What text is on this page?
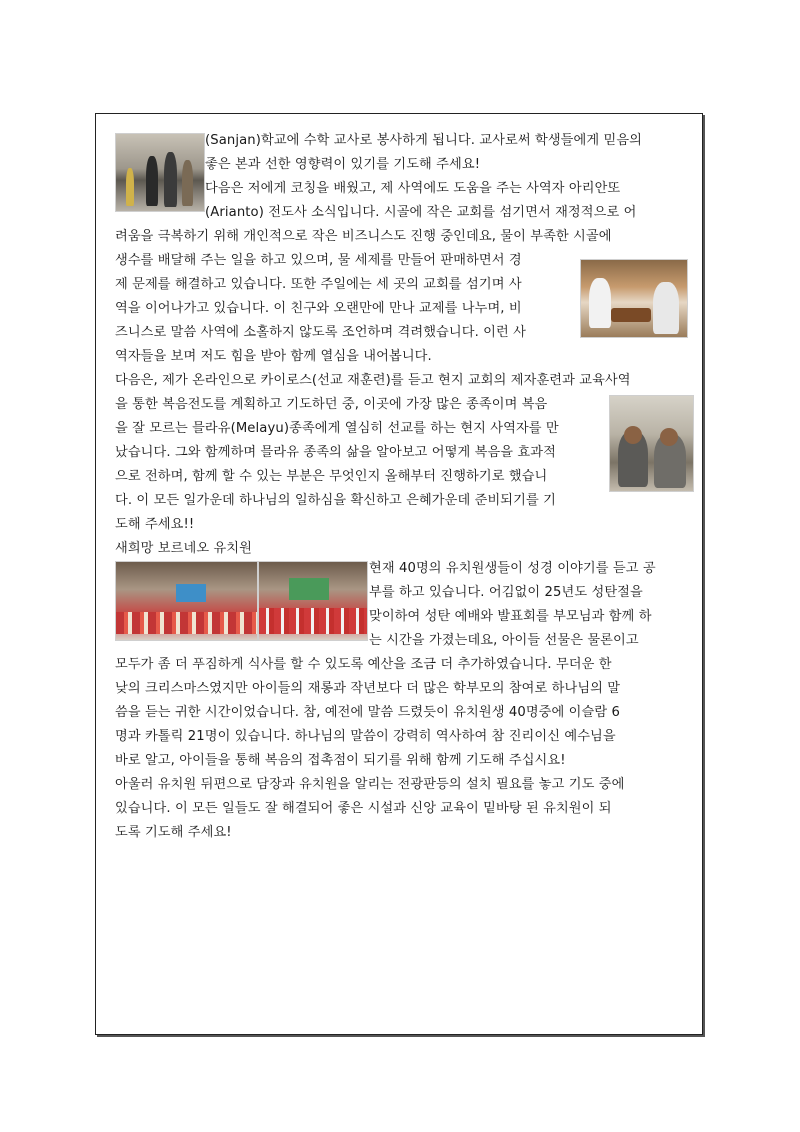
(Sanjan)학교에 수학 교사로 봉사하게 됩니다. 교사로써 학생들에게 믿음의
좋은 본과 선한 영향력이 있기를 기도해 주세요!
다음은 저에게 코칭을 배웠고, 제 사역에도 도움을 주는 사역자 아리안또
(Arianto) 전도사 소식입니다. 시골에 작은 교회를 섬기면서 재정적으로 어
려움을 극복하기 위해 개인적으로 작은 비즈니스도 진행 중인데요, 물이 부족한 시골에
생수를 배달해 주는 일을 하고 있으며, 물 세제를 만들어 판매하면서 경
제 문제를 해결하고 있습니다. 또한 주일에는 세 곳의 교회를 섬기며 사
역을 이어나가고 있습니다. 이 친구와 오랜만에 만나 교제를 나누며, 비
즈니스로 말씀 사역에 소홀하지 않도록 조언하며 격려했습니다. 이런 사
역자들을 보며 저도 힘을 받아 함께 열심을 내어봅니다.
다음은, 제가 온라인으로 카이로스(선교 재훈련)를 듣고 현지 교회의 제자훈련과 교육사역
을 통한 복음전도를 계획하고 기도하던 중, 이곳에 가장 많은 종족이며 복음
을 잘 모르는 믈라유(Melayu)종족에게 열심히 선교를 하는 현지 사역자를 만
났습니다. 그와 함께하며 믈라유 종족의 삶을 알아보고 어떻게 복음을 효과적
으로 전하며, 함께 할 수 있는 부분은 무엇인지 올해부터 진행하기로 했습니
다. 이 모든 일가운데 하나님의 일하심을 확신하고 은혜가운데 준비되기를 기
도해 주세요!!
새희망 보르네오 유치원
현재 40명의 유치원생들이 성경 이야기를 듣고 공
부를 하고 있습니다. 어김없이 25년도 성탄절을
맞이하여 성탄 예배와 발표회를 부모님과 함께 하
는 시간을 가졌는데요, 아이들 선물은 물론이고
모두가 좀 더 푸짐하게 식사를 할 수 있도록 예산을 조금 더 추가하였습니다. 무더운 한
낮의 크리스마스였지만 아이들의 재롱과 작년보다 더 많은 학부모의 참여로 하나님의 말
씀을 듣는 귀한 시간이었습니다. 참, 예전에 말씀 드렸듯이 유치원생 40명중에 이슬람 6
명과 카톨릭 21명이 있습니다. 하나님의 말씀이 강력히 역사하여 참 진리이신 예수님을
바로 알고, 아이들을 통해 복음의 접촉점이 되기를 위해 함께 기도해 주십시요!
아울러 유치원 뒤편으로 담장과 유치원을 알리는 전광판등의 설치 필요를 놓고 기도 중에
있습니다. 이 모든 일들도 잘 해결되어 좋은 시설과 신앙 교육이 밑바탕 된 유치원이 되
도록 기도해 주세요!
